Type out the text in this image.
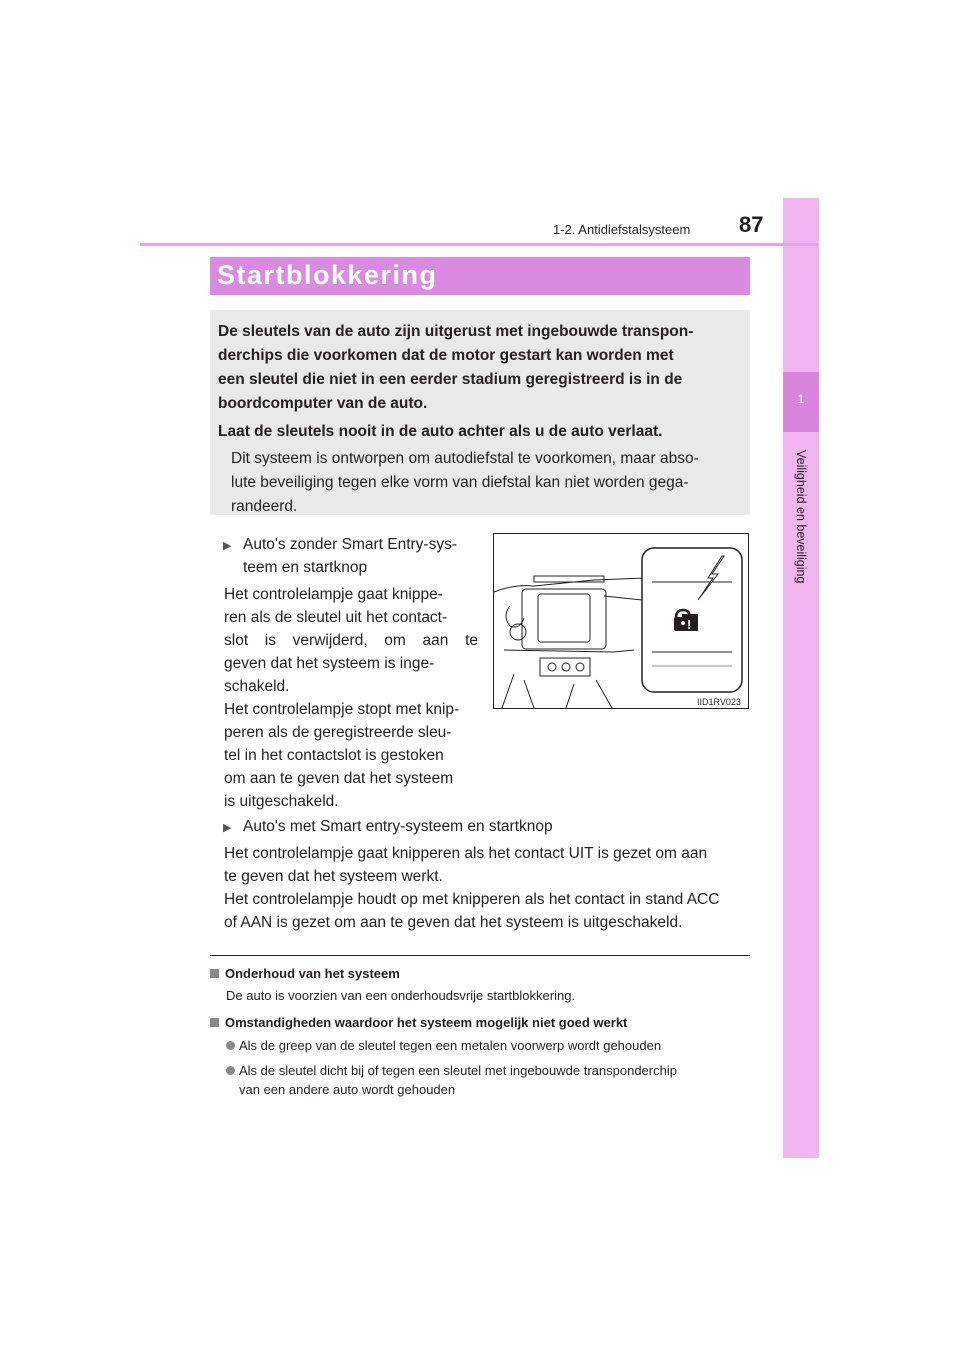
1
Veiligheid en beveiliging
1-2. Antidiefstalsysteem 87
Startblokkering
De sleutels van de auto zijn uitgerust met ingebouwde transpon-
derchips die voorkomen dat de motor gestart kan worden met
een sleutel die niet in een eerder stadium geregistreerd is in de
boordcomputer van de auto.
Laat de sleutels nooit in de auto achter als u de auto verlaat.
Dit systeem is ontworpen om autodiefstal te voorkomen, maar abso-
lute beveiliging tegen elke vorm van diefstal kan niet worden gega-
randeerd.
▶ Auto's zonder Smart Entry-sys-
teem en startknop
Het controlelampje gaat knippe-
ren als de sleutel uit het contact-
slot is verwijderd, om aan te
geven dat het systeem is inge-
schakeld.
Het controlelampje stopt met knip-
peren als de geregistreerde sleu-
tel in het contactslot is gestoken
om aan te geven dat het systeem
is uitgeschakeld.
!
IID1RV023
▶ Auto's met Smart entry-systeem en startknop
Het controlelampje gaat knipperen als het contact UIT is gezet om aan
te geven dat het systeem werkt.
Het controlelampje houdt op met knipperen als het contact in stand ACC
of AAN is gezet om aan te geven dat het systeem is uitgeschakeld.
Onderhoud van het systeem
De auto is voorzien van een onderhoudsvrije startblokkering.
Omstandigheden waardoor het systeem mogelijk niet goed werkt
Als de greep van de sleutel tegen een metalen voorwerp wordt gehouden
Als de sleutel dicht bij of tegen een sleutel met ingebouwde transponderchip
van een andere auto wordt gehouden
